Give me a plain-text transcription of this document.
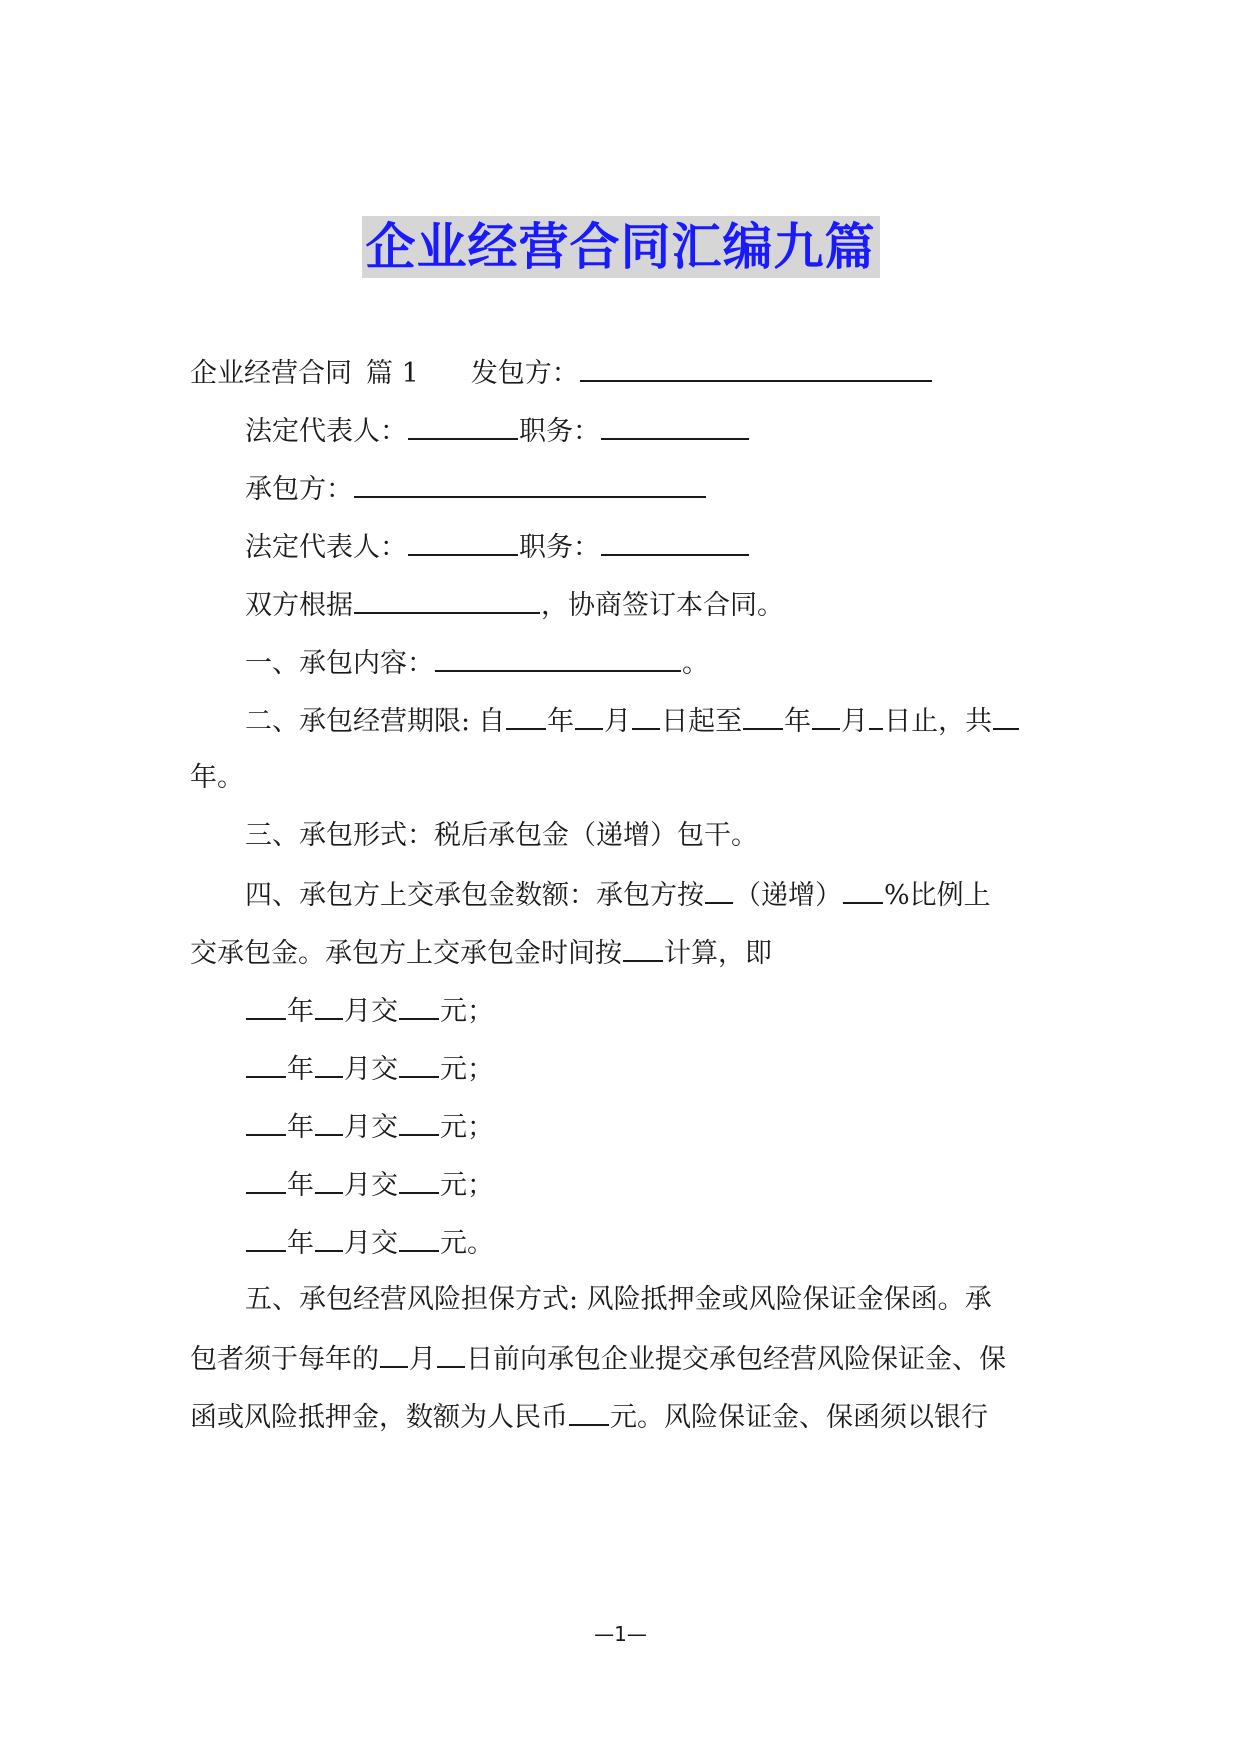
企业经营合同汇编九篇
企业经营合同 篇 1 发包方：
法定代表人：	职务：
承包方：
法定代表人：	职务：
双方根据	，协商签订本合同。
一、承包内容：	。
二、承包经营期限: 自 年 月 日起至 年 月 日止，共
年。
三、承包形式：税后承包金（递增）包干。
四、承包方上交承包金数额：承包方按 （递增） %比例上
交承包金。承包方上交承包金时间按 计算，即
年 月交 元；
年 月交 元；
年 月交 元；
年 月交 元；
年 月交 元。
五、承包经营风险担保方式: 风险抵押金或风险保证金保函。承
包者须于每年的 月 日前向承包企业提交承包经营风险保证金、保
函或风险抵押金，数额为人民币 元。风险保证金、保函须以银行
—1—
